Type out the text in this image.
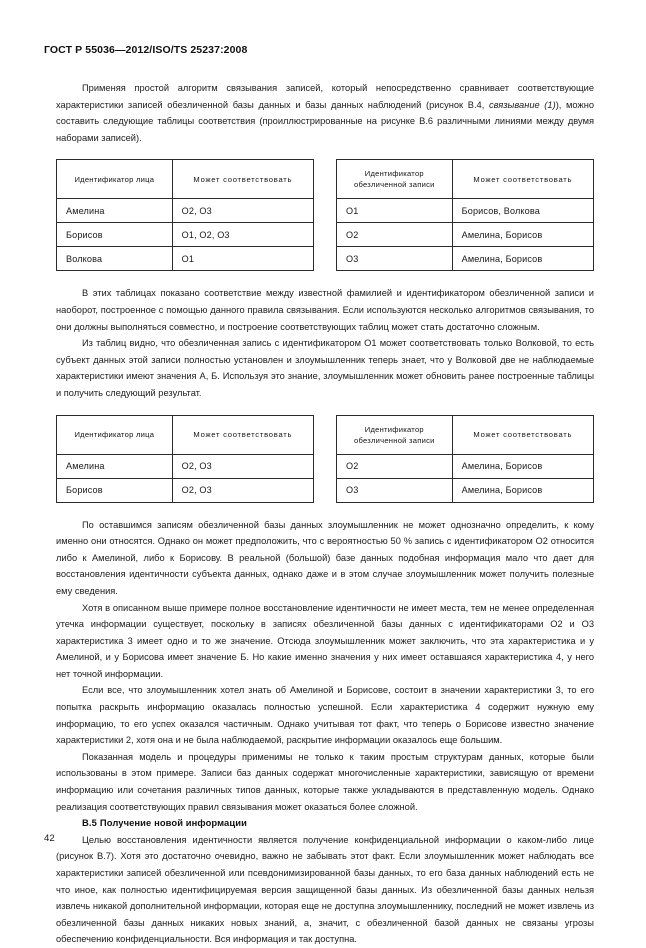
ГОСТ Р 55036—2012/ISO/TS 25237:2008

Применяя простой алгоритм связывания записей, который непосредственно сравнивает соответствующие характеристики записей обезличенной базы данных и базы данных наблюдений (рисунок В.4, связывание (1)), можно составить следующие таблицы соответствия (проиллюстрированные на рисунке В.6 различными линиями между двумя наборами записей).

Идентификатор лица	Может соответствовать
Амелина	О2, О3
Борисов	О1, О2, О3
Волкова	О1
Идентификатор обезличенной записи	Может соответствовать
О1	Борисов, Волкова
О2	Амелина, Борисов
О3	Амелина, Борисов

В этих таблицах показано соответствие между известной фамилией и идентификатором обезличенной записи и наоборот, построенное с помощью данного правила связывания. Если используются несколько алгоритмов связывания, то они должны выполняться совместно, и построение соответствующих таблиц может стать достаточно сложным.

Из таблиц видно, что обезличенная запись с идентификатором О1 может соответствовать только Волковой, то есть субъект данных этой записи полностью установлен и злоумышленник теперь знает, что у Волковой две не наблюдаемые характеристики имеют значения А, Б. Используя это знание, злоумышленник может обновить ранее построенные таблицы и получить следующий результат.

Идентификатор лица	Может соответствовать
Амелина	О2, О3
Борисов	О2, О3
Идентификатор обезличенной записи	Может соответствовать
О2	Амелина, Борисов
О3	Амелина, Борисов

По оставшимся записям обезличенной базы данных злоумышленник не может однозначно определить, к кому именно они относятся. Однако он может предположить, что с вероятностью 50 % запись с идентификатором О2 относится либо к Амелиной, либо к Борисову. В реальной (большой) базе данных подобная информация мало что дает для восстановления идентичности субъекта данных, однако даже и в этом случае злоумышленник может получить полезные ему сведения.

Хотя в описанном выше примере полное восстановление идентичности не имеет места, тем не менее определенная утечка информации существует, поскольку в записях обезличенной базы данных с идентификаторами О2 и О3 характеристика 3 имеет одно и то же значение. Отсюда злоумышленник может заключить, что эта характеристика и у Амелиной, и у Борисова имеет значение Б. Но какие именно значения у них имеет оставшаяся характеристика 4, у него нет точной информации.

Если все, что злоумышленник хотел знать об Амелиной и Борисове, состоит в значении характеристики 3, то его попытка раскрыть информацию оказалась полностью успешной. Если характеристика 4 содержит нужную ему информацию, то его успех оказался частичным. Однако учитывая тот факт, что теперь о Борисове известно значение характеристики 2, хотя она и не была наблюдаемой, раскрытие информации оказалось еще большим.

Показанная модель и процедуры применимы не только к таким простым структурам данных, которые были использованы в этом примере. Записи баз данных содержат многочисленные характеристики, зависящую от времени информацию или сочетания различных типов данных, которые также укладываются в представленную модель. Однако реализация соответствующих правил связывания может оказаться более сложной.

В.5 Получение новой информации

Целью восстановления идентичности является получение конфиденциальной информации о каком-либо лице (рисунок В.7). Хотя это достаточно очевидно, важно не забывать этот факт. Если злоумышленник может наблюдать все характеристики записей обезличенной или псевдонимизированной базы данных, то его база данных наблюдений есть не что иное, как полностью идентифицируемая версия защищенной базы данных. Из обезличенной базы данных нельзя извлечь никакой дополнительной информации, которая еще не доступна злоумышленнику, последний не может извлечь из обезличенной базы данных никаких новых знаний, а, значит, с обезличенной базой данных не связаны угрозы обеспечению конфиденциальности. Вся информация и так доступна.

42
